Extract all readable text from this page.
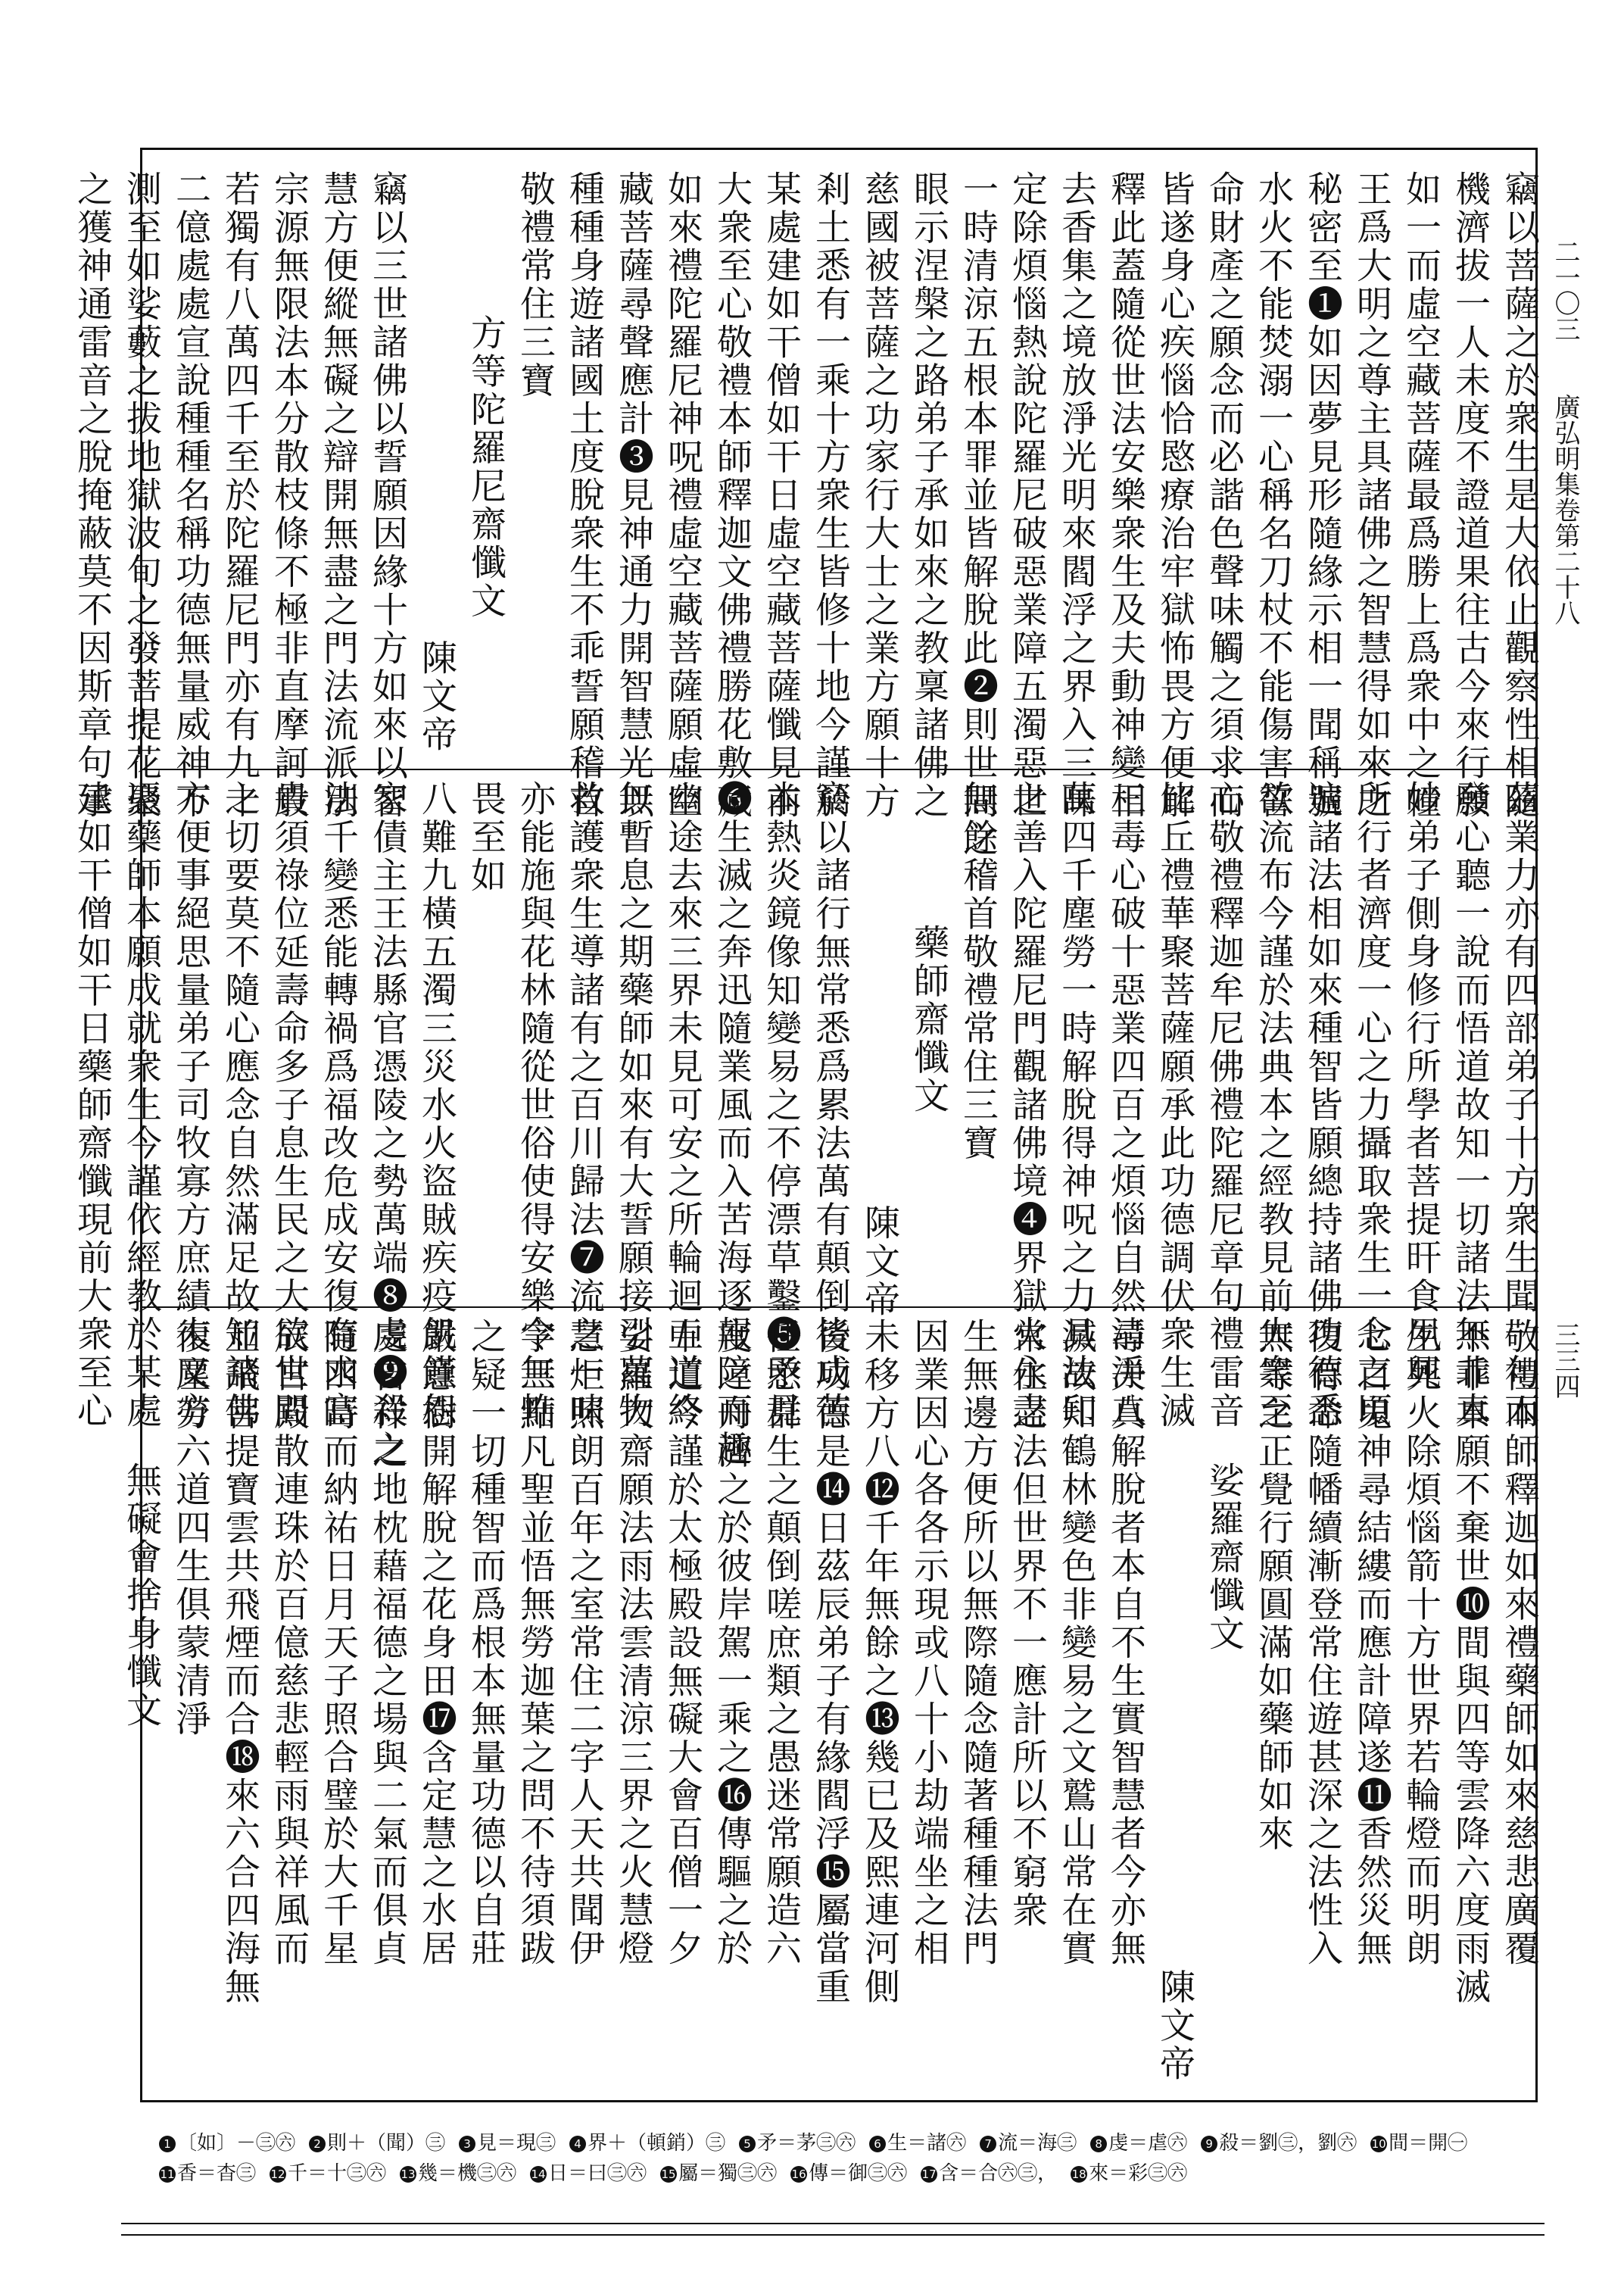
二一〇三
廣弘明集卷第二十八
三三四
竊以菩薩之於衆生是大依止觀察性相隨
機濟拔一人未度不證道果往古今來行願
如一而虛空藏菩薩最爲勝上爲衆中之幢
王爲大明之尊主具諸佛之智慧得如來之
秘密至❶如因夢見形隨緣示相一聞稱號
水火不能焚溺一心稱名刀杖不能傷害誓
命財產之願念而必諧色聲味觸之須求而
皆遂身心疾惱恰愍療治牢獄怖畏方便解
釋此蓋隨從世法安樂衆生及夫動神變相
去香集之境放淨光明來閻浮之界入三昧
定除煩惱熱說陀羅尼破惡業障五濁惡世
一時清涼五根本罪並皆解脫此❷則世間之
眼示涅槃之路弟子承如來之教稟諸佛之
慈國被菩薩之功家行大士之業方願十方
剎土悉有一乘十方衆生皆修十地今謹於
某處建如干僧如干日虛空藏菩薩懺見前
大衆至心敬禮本師釋迦文佛禮勝花敷藏
如來禮陀羅尼神呪禮虛空藏菩薩願虛空
藏菩薩尋聲應計❸見神通力開智慧光以
種種身遊諸國土度脫衆生不乖誓願稽首
敬禮常住三寶
方等陀羅尼齋懺文
陳文帝
竊以三世諸佛以誓願因緣十方如來以智
慧方便縱無礙之辯開無盡之門法流派別
宗源無限法本分散枝條不極非直摩訶般
若獨有八萬四千至於陀羅尼門亦有九十
二億處處宣說種種名稱功德無量威神不
測至如娑藪之拔地獄波旬之發菩提花聚
之獲神通雷音之脫掩蔽莫不因斯章句承
茲業力亦有四部弟子十方衆生聞一句而
發心聽一說而悟道故知一切諸法無非真
妙弟子側身修行所學者菩提旰食夙興
所行者濟度一心之力攝取衆生一念之頃
遍諸法相如來種智皆願總持諸佛功德悉
欲流布今謹於法典本之經教見前大衆至
心敬禮釋迦牟尼佛禮陀羅尼章句禮雷音
比丘禮華聚菩薩願承此功德調伏衆生滅
三毒心破十惡業四百之煩惱自然清淨八
萬四千塵勞一時解脫得神呪之力具法印
之善入陀羅尼門觀諸佛境❹界獄火永盡
無餘稽首敬禮常住三寶
藥師齋懺文
陳文帝
竊以諸行無常悉爲累法萬有顛倒皆成苦
本熱炎鏡像知變易之不停漂草鑿❺矛見
❻生滅之奔迅隨業風而入苦海逐報障而趣
幽途去來三界未見可安之所輪迴五道終
無暫息之期藥師如來有大誓願接引萬物
救護衆生導諸有之百川歸法❼流之一味
亦能施與花林隨從世俗使得安樂令無怖
畏至如
八難九橫五濁三災水火盜賊疾疫飢饉怨
家債主王法縣官憑陵之勢萬端❽虔❾殺之
法千變悉能轉禍爲福改危成安復有求富
貴須祿位延壽命多子息生民之大欲世間
之切要莫不隨心應念自然滿足故知諸佛
方便事絕思量弟子司牧寡方庶績未又方
憑藥師本願成就衆生今謹依經教於某處
建如干僧如干日藥師齋懺現前大衆至心
敬禮本師釋迦如來禮藥師如來慈悲廣覆
不乖本願不棄世❿間與四等雲降六度雨滅
生死火除煩惱箭十方世界若輪燈而明朗
七百鬼神尋結縷而應計障遂⓫香然災無
復有命隨幡續漸登常住遊甚深之法性入
無等之正覺行願圓滿如藥師如來
娑羅齋懺文
陳文帝
尋夫真解脫者本自不生實智慧者今亦無
滅故知鶴林變色非變易之文鷲山常在實
常住之法但世界不一應計所以不窮衆
生無邊方便所以無際隨念隨著種種法門
因業因心各各示現或八十小劫端坐之相
未移方八⓬千年無餘之⓭幾已及熙連河側
後功德是⓮日茲辰弟子有緣閻浮⓯屬當重
任愍群生之顛倒嗟庶類之愚迷常願造六
度之舟濟之於彼岸駕一乘之⓰傳驅之於
中道今謹於太極殿設無礙大會百僧一夕
娑羅大齋願法雨法雲清涼三界之火慧燈
慧炬照朗百年之室常住二字人天共聞伊
字三點凡聖並悟無勞迦葉之問不待須跋
之疑一切種智而爲根本無量功德以自莊
嚴意樹開解脫之花身田⓱含定慧之水居
處吉祥之地枕藉福德之場與二氣而俱貞
隨四時而納祐日月天子照合璧於大千星
辰宮殿散連珠於百億慈悲輕雨與祥風而
並飛菩提寶雲共飛煙而合⓲來六合四海無
復塵勞六道四生俱蒙清淨
無礙會捨身懺文
1 〔如〕－㊂㊅ 2 則＋（聞）㊂ 3 見＝現㊂ 4 界＋（頓銷）㊂ 5 矛＝茅㊂㊅ 6 生＝諸㊅ 7 流＝海㊂ 8 虔＝虐㊅ 9 殺＝劉㊂，劉㊅ 10 間＝開㊀11 香＝杳㊂ 12 千＝十㊂㊅ 13 幾＝機㊂㊅ 14 日＝曰㊂㊅ 15 屬＝獨㊂㊅ 16 傳＝御㊂㊅ 17 含＝合㊅㊂， 18 來＝彩㊂㊅
